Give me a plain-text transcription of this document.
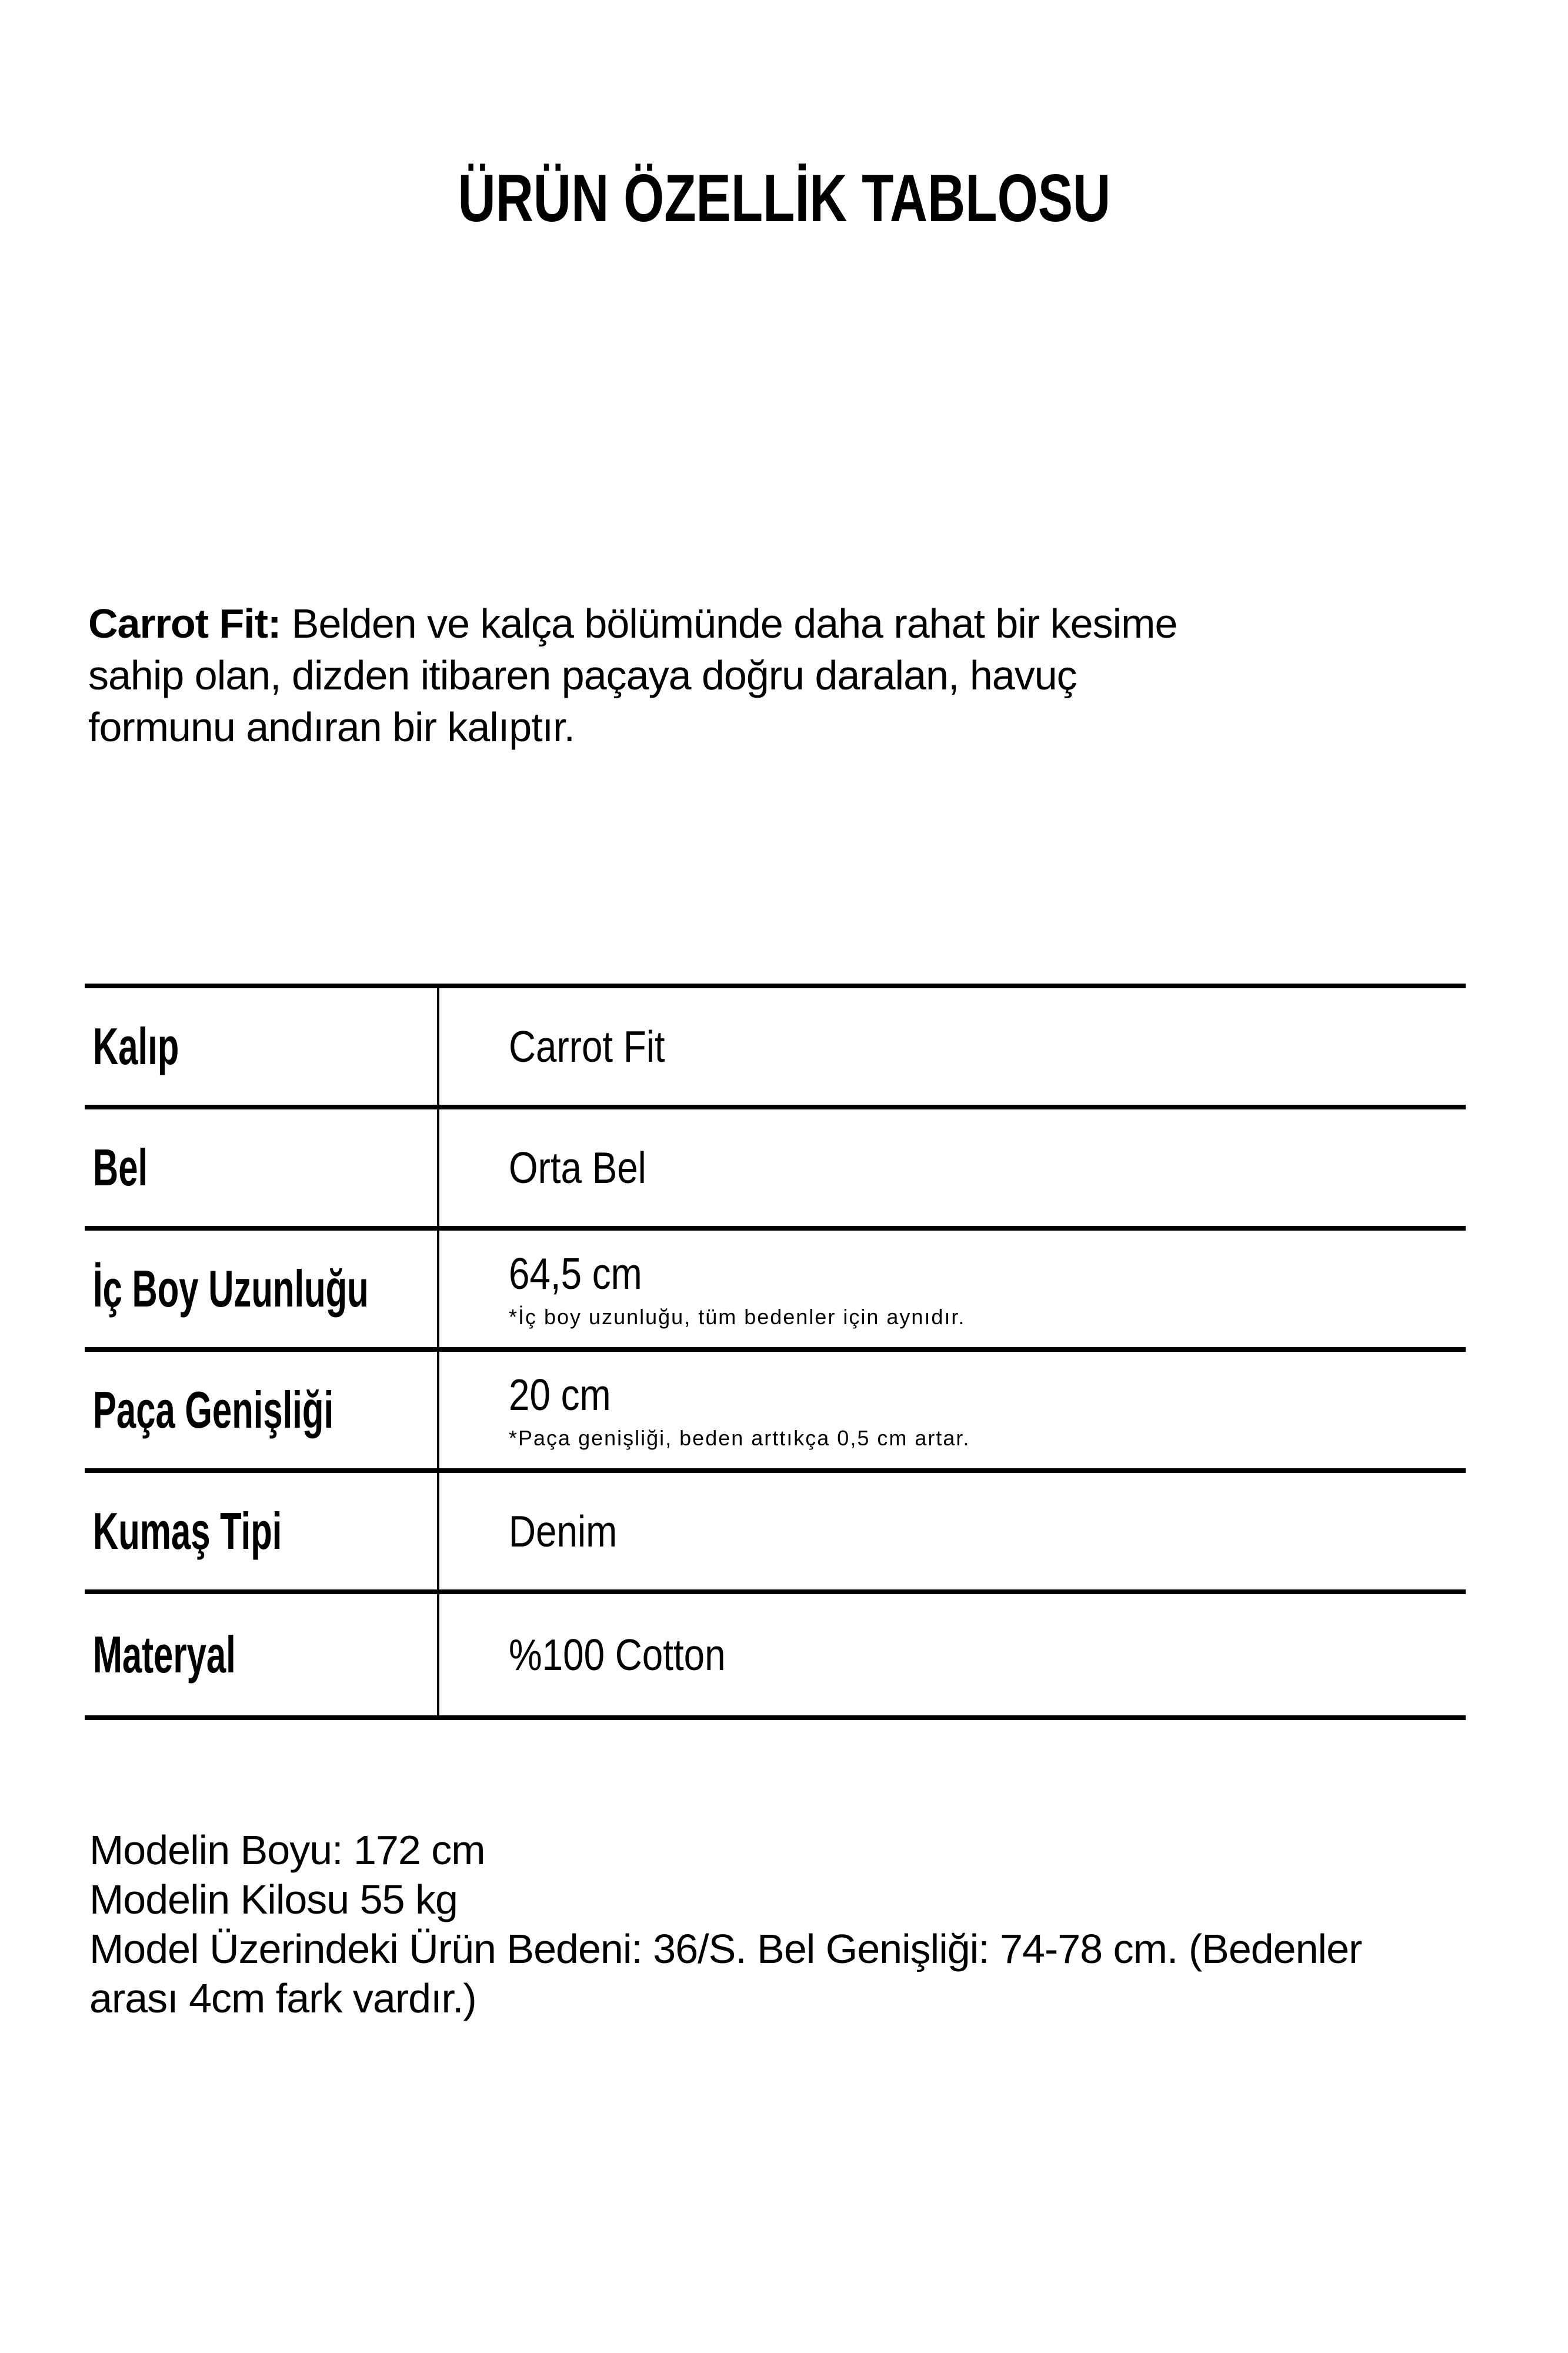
ÜRÜN ÖZELLİK TABLOSU
Carrot Fit: Belden ve kalça bölümünde daha rahat bir kesime
sahip olan, dizden itibaren paçaya doğru daralan, havuç
formunu andıran bir kalıptır.
Kalıp	Carrot Fit
Bel	Orta Bel
İç Boy Uzunluğu	64,5 cm
*İç boy uzunluğu, tüm bedenler için aynıdır.
Paça Genişliği	20 cm
*Paça genişliği, beden arttıkça 0,5 cm artar.
Kumaş Tipi	Denim
Materyal	%100 Cotton
Modelin Boyu: 172 cm
Modelin Kilosu 55 kg
Model Üzerindeki Ürün Bedeni: 36/S. Bel Genişliği: 74-78 cm. (Bedenler
arası 4cm fark vardır.)
